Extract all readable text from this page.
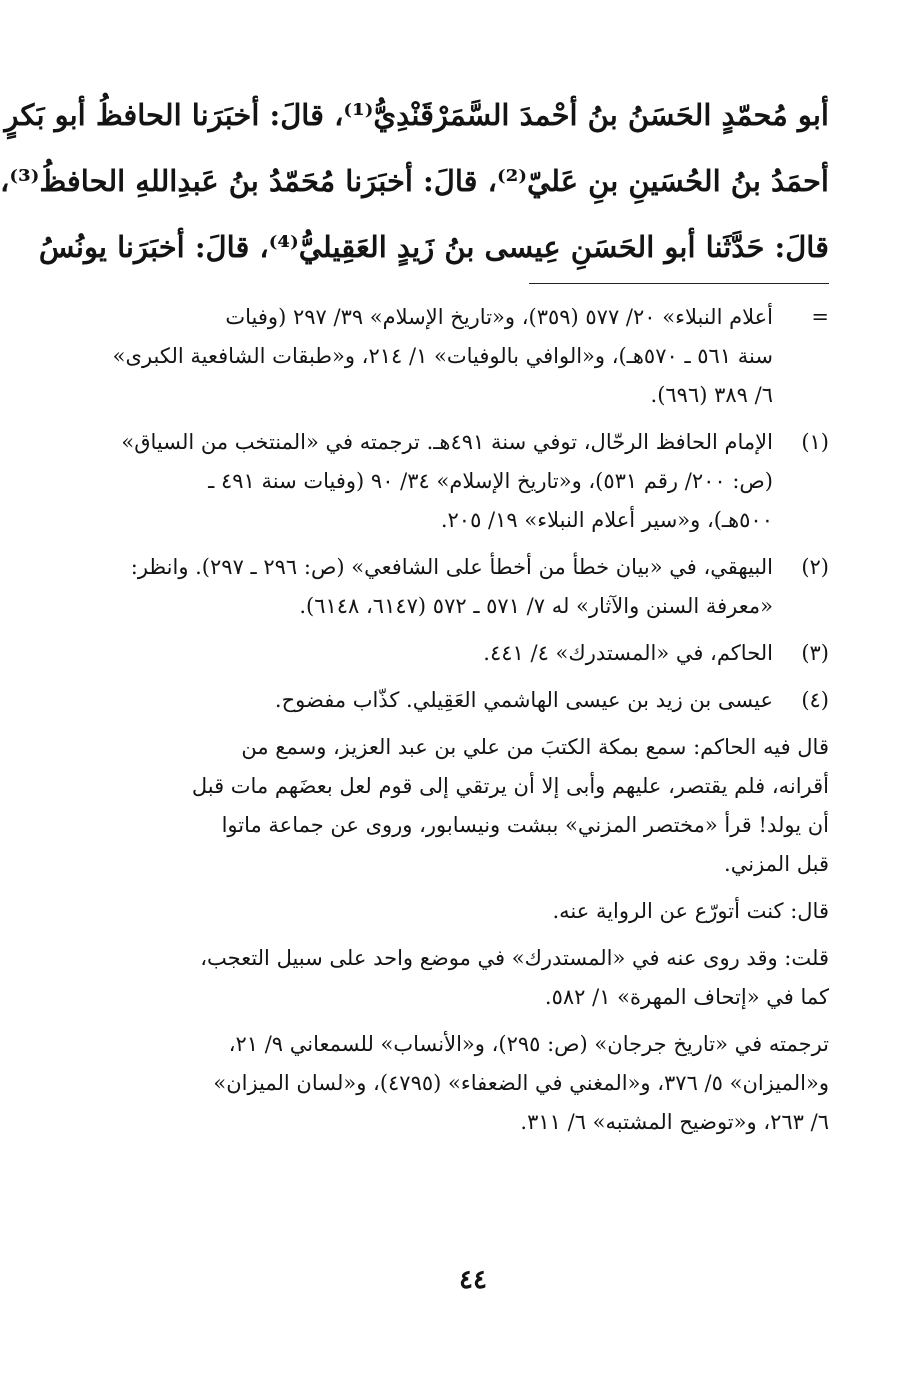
أبو مُحمّدٍ الحَسَنُ بنُ أحْمدَ السَّمَرْقَنْدِيُّ⁽¹⁾، قالَ: أخبَرَنا الحافظُ أبو بَكرٍ
أحمَدُ بنُ الحُسَينِ بنِ عَليّ⁽²⁾، قالَ: أخبَرَنا مُحَمّدُ بنُ عَبدِاللهِ الحافظُ⁽³⁾،
قالَ: حَدَّثَنا أبو الحَسَنِ عِيسى بنُ زَيدٍ العَقِيليُّ⁽⁴⁾، قالَ: أخبَرَنا يونُسُ
=
أعلام النبلاء» ٢٠/ ٥٧٧ (٣٥٩)، و«تاريخ الإسلام» ٣٩/ ٢٩٧ (وفيات
سنة ٥٦١ ـ ٥٧٠هـ)، و«الوافي بالوفيات» ١/ ٢١٤، و«طبقات الشافعية الكبرى»
٦/ ٣٨٩ (٦٩٦).
(١)
الإمام الحافظ الرحّال، توفي سنة ٤٩١هـ. ترجمته في «المنتخب من السياق»
(ص: ٢٠٠/ رقم ٥٣١)، و«تاريخ الإسلام» ٣٤/ ٩٠ (وفيات سنة ٤٩١ ـ
٥٠٠هـ)، و«سير أعلام النبلاء» ١٩/ ٢٠٥.
(٢)
البيهقي، في «بيان خطأ من أخطأ على الشافعي» (ص: ٢٩٦ ـ ٢٩٧). وانظر:
«معرفة السنن والآثار» له ٧/ ٥٧١ ـ ٥٧٢ (٦١٤٧، ٦١٤٨).
(٣)
الحاكم، في «المستدرك» ٤/ ٤٤١.
(٤)
عيسى بن زيد بن عيسى الهاشمي العَقِيلي. كذّاب مفضوح.
قال فيه الحاكم: سمع بمكة الكتبَ من علي بن عبد العزيز، وسمع من
أقرانه، فلم يقتصر، عليهم وأبى إلا أن يرتقي إلى قوم لعل بعضَهم مات قبل
أن يولد! قرأ «مختصر المزني» ببشت ونيسابور، وروى عن جماعة ماتوا
قبل المزني.
قال: كنت أتورّع عن الرواية عنه.
قلت: وقد روى عنه في «المستدرك» في موضع واحد على سبيل التعجب،
كما في «إتحاف المهرة» ١/ ٥٨٢.
ترجمته في «تاريخ جرجان» (ص: ٢٩٥)، و«الأنساب» للسمعاني ٩/ ٢١،
و«الميزان» ٥/ ٣٧٦، و«المغني في الضعفاء» (٤٧٩٥)، و«لسان الميزان»
٦/ ٢٦٣، و«توضيح المشتبه» ٦/ ٣١١.
٤٤
